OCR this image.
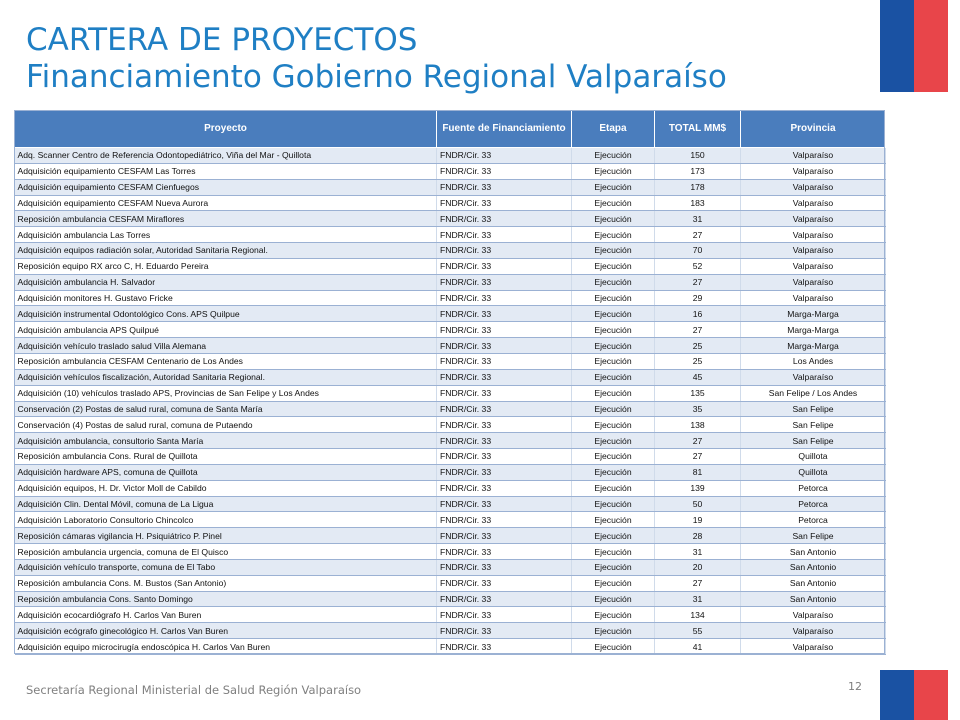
CARTERA DE PROYECTOS
Financiamiento Gobierno Regional Valparaíso
Proyecto	Fuente de Financiamiento	Etapa	TOTAL MM$	Provincia
Adq. Scanner Centro de Referencia Odontopediátrico, Viña del Mar - Quillota	FNDR/Cir. 33	Ejecución	150	Valparaíso
Adquisición equipamiento CESFAM Las Torres	FNDR/Cir. 33	Ejecución	173	Valparaíso
Adquisición equipamiento CESFAM Cienfuegos	FNDR/Cir. 33	Ejecución	178	Valparaíso
Adquisición equipamiento CESFAM Nueva Aurora	FNDR/Cir. 33	Ejecución	183	Valparaíso
Reposición ambulancia CESFAM Miraflores	FNDR/Cir. 33	Ejecución	31	Valparaíso
Adquisición ambulancia Las Torres	FNDR/Cir. 33	Ejecución	27	Valparaíso
Adquisición equipos radiación solar, Autoridad Sanitaria Regional.	FNDR/Cir. 33	Ejecución	70	Valparaíso
Reposición equipo RX arco C, H. Eduardo Pereira	FNDR/Cir. 33	Ejecución	52	Valparaíso
Adquisición ambulancia H. Salvador	FNDR/Cir. 33	Ejecución	27	Valparaíso
Adquisición monitores H. Gustavo Fricke	FNDR/Cir. 33	Ejecución	29	Valparaíso
Adquisición instrumental Odontológico Cons. APS Quilpue	FNDR/Cir. 33	Ejecución	16	Marga-Marga
Adquisición ambulancia APS Quilpué	FNDR/Cir. 33	Ejecución	27	Marga-Marga
Adquisición vehículo traslado salud Villa Alemana	FNDR/Cir. 33	Ejecución	25	Marga-Marga
Reposición ambulancia CESFAM Centenario de Los Andes	FNDR/Cir. 33	Ejecución	25	Los Andes
Adquisición vehículos fiscalización, Autoridad Sanitaria Regional.	FNDR/Cir. 33	Ejecución	45	Valparaíso
Adquisición (10) vehículos traslado APS, Provincias de San Felipe y Los Andes	FNDR/Cir. 33	Ejecución	135	San Felipe / Los Andes
Conservación (2) Postas de salud rural, comuna de Santa María	FNDR/Cir. 33	Ejecución	35	San Felipe
Conservación (4) Postas de salud rural, comuna de Putaendo	FNDR/Cir. 33	Ejecución	138	San Felipe
Adquisición ambulancia, consultorio Santa María	FNDR/Cir. 33	Ejecución	27	San Felipe
Reposición ambulancia Cons. Rural de Quillota	FNDR/Cir. 33	Ejecución	27	Quillota
Adquisición hardware APS, comuna de Quillota	FNDR/Cir. 33	Ejecución	81	Quillota
Adquisición equipos, H. Dr. Victor Moll de Cabildo	FNDR/Cir. 33	Ejecución	139	Petorca
Adquisición Clin. Dental Móvil, comuna de La Ligua	FNDR/Cir. 33	Ejecución	50	Petorca
Adquisición Laboratorio Consultorio Chincolco	FNDR/Cir. 33	Ejecución	19	Petorca
Reposición cámaras vigilancia H. Psiquiátrico P. Pinel	FNDR/Cir. 33	Ejecución	28	San Felipe
Reposición ambulancia urgencia, comuna de El Quisco	FNDR/Cir. 33	Ejecución	31	San Antonio
Adquisición vehículo transporte, comuna de El Tabo	FNDR/Cir. 33	Ejecución	20	San Antonio
Reposición ambulancia Cons. M. Bustos (San Antonio)	FNDR/Cir. 33	Ejecución	27	San Antonio
Reposición ambulancia Cons. Santo Domingo	FNDR/Cir. 33	Ejecución	31	San Antonio
Adquisición ecocardiógrafo H. Carlos Van Buren	FNDR/Cir. 33	Ejecución	134	Valparaíso
Adquisición ecógrafo ginecológico H. Carlos Van Buren	FNDR/Cir. 33	Ejecución	55	Valparaíso
Adquisición equipo microcirugía endoscópica H. Carlos Van Buren	FNDR/Cir. 33	Ejecución	41	Valparaíso
Secretaría Regional Ministerial de Salud Región Valparaíso	12
